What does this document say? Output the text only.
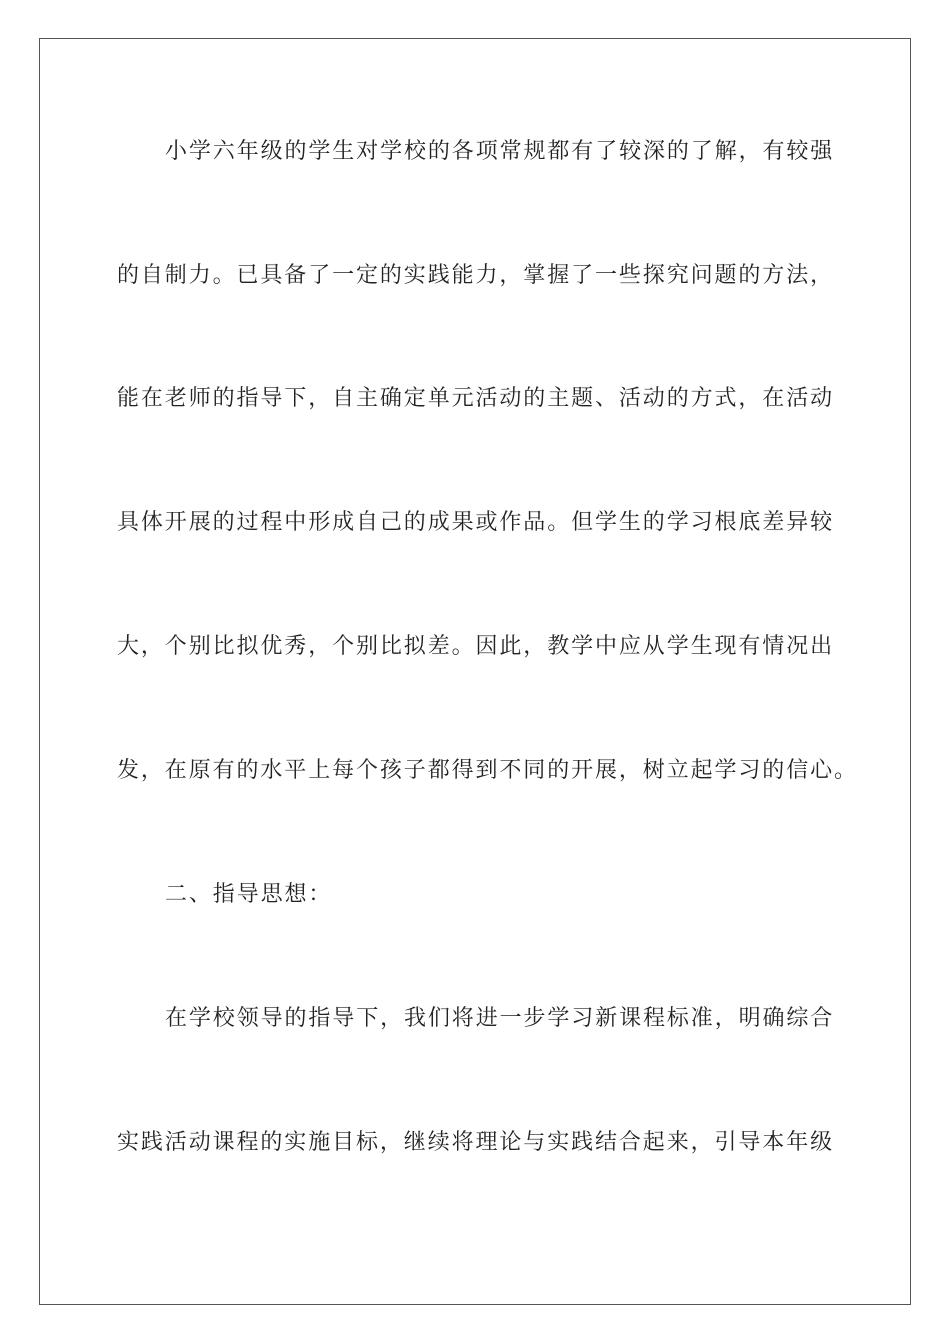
小学六年级的学生对学校的各项常规都有了较深的了解，有较强
的自制力。已具备了一定的实践能力，掌握了一些探究问题的方法，
能在老师的指导下，自主确定单元活动的主题、活动的方式，在活动
具体开展的过程中形成自己的成果或作品。但学生的学习根底差异较
大，个别比拟优秀，个别比拟差。因此，教学中应从学生现有情况出
发，在原有的水平上每个孩子都得到不同的开展，树立起学习的信心。
二、指导思想：
在学校领导的指导下，我们将进一步学习新课程标准，明确综合
实践活动课程的实施目标，继续将理论与实践结合起来，引导本年级
